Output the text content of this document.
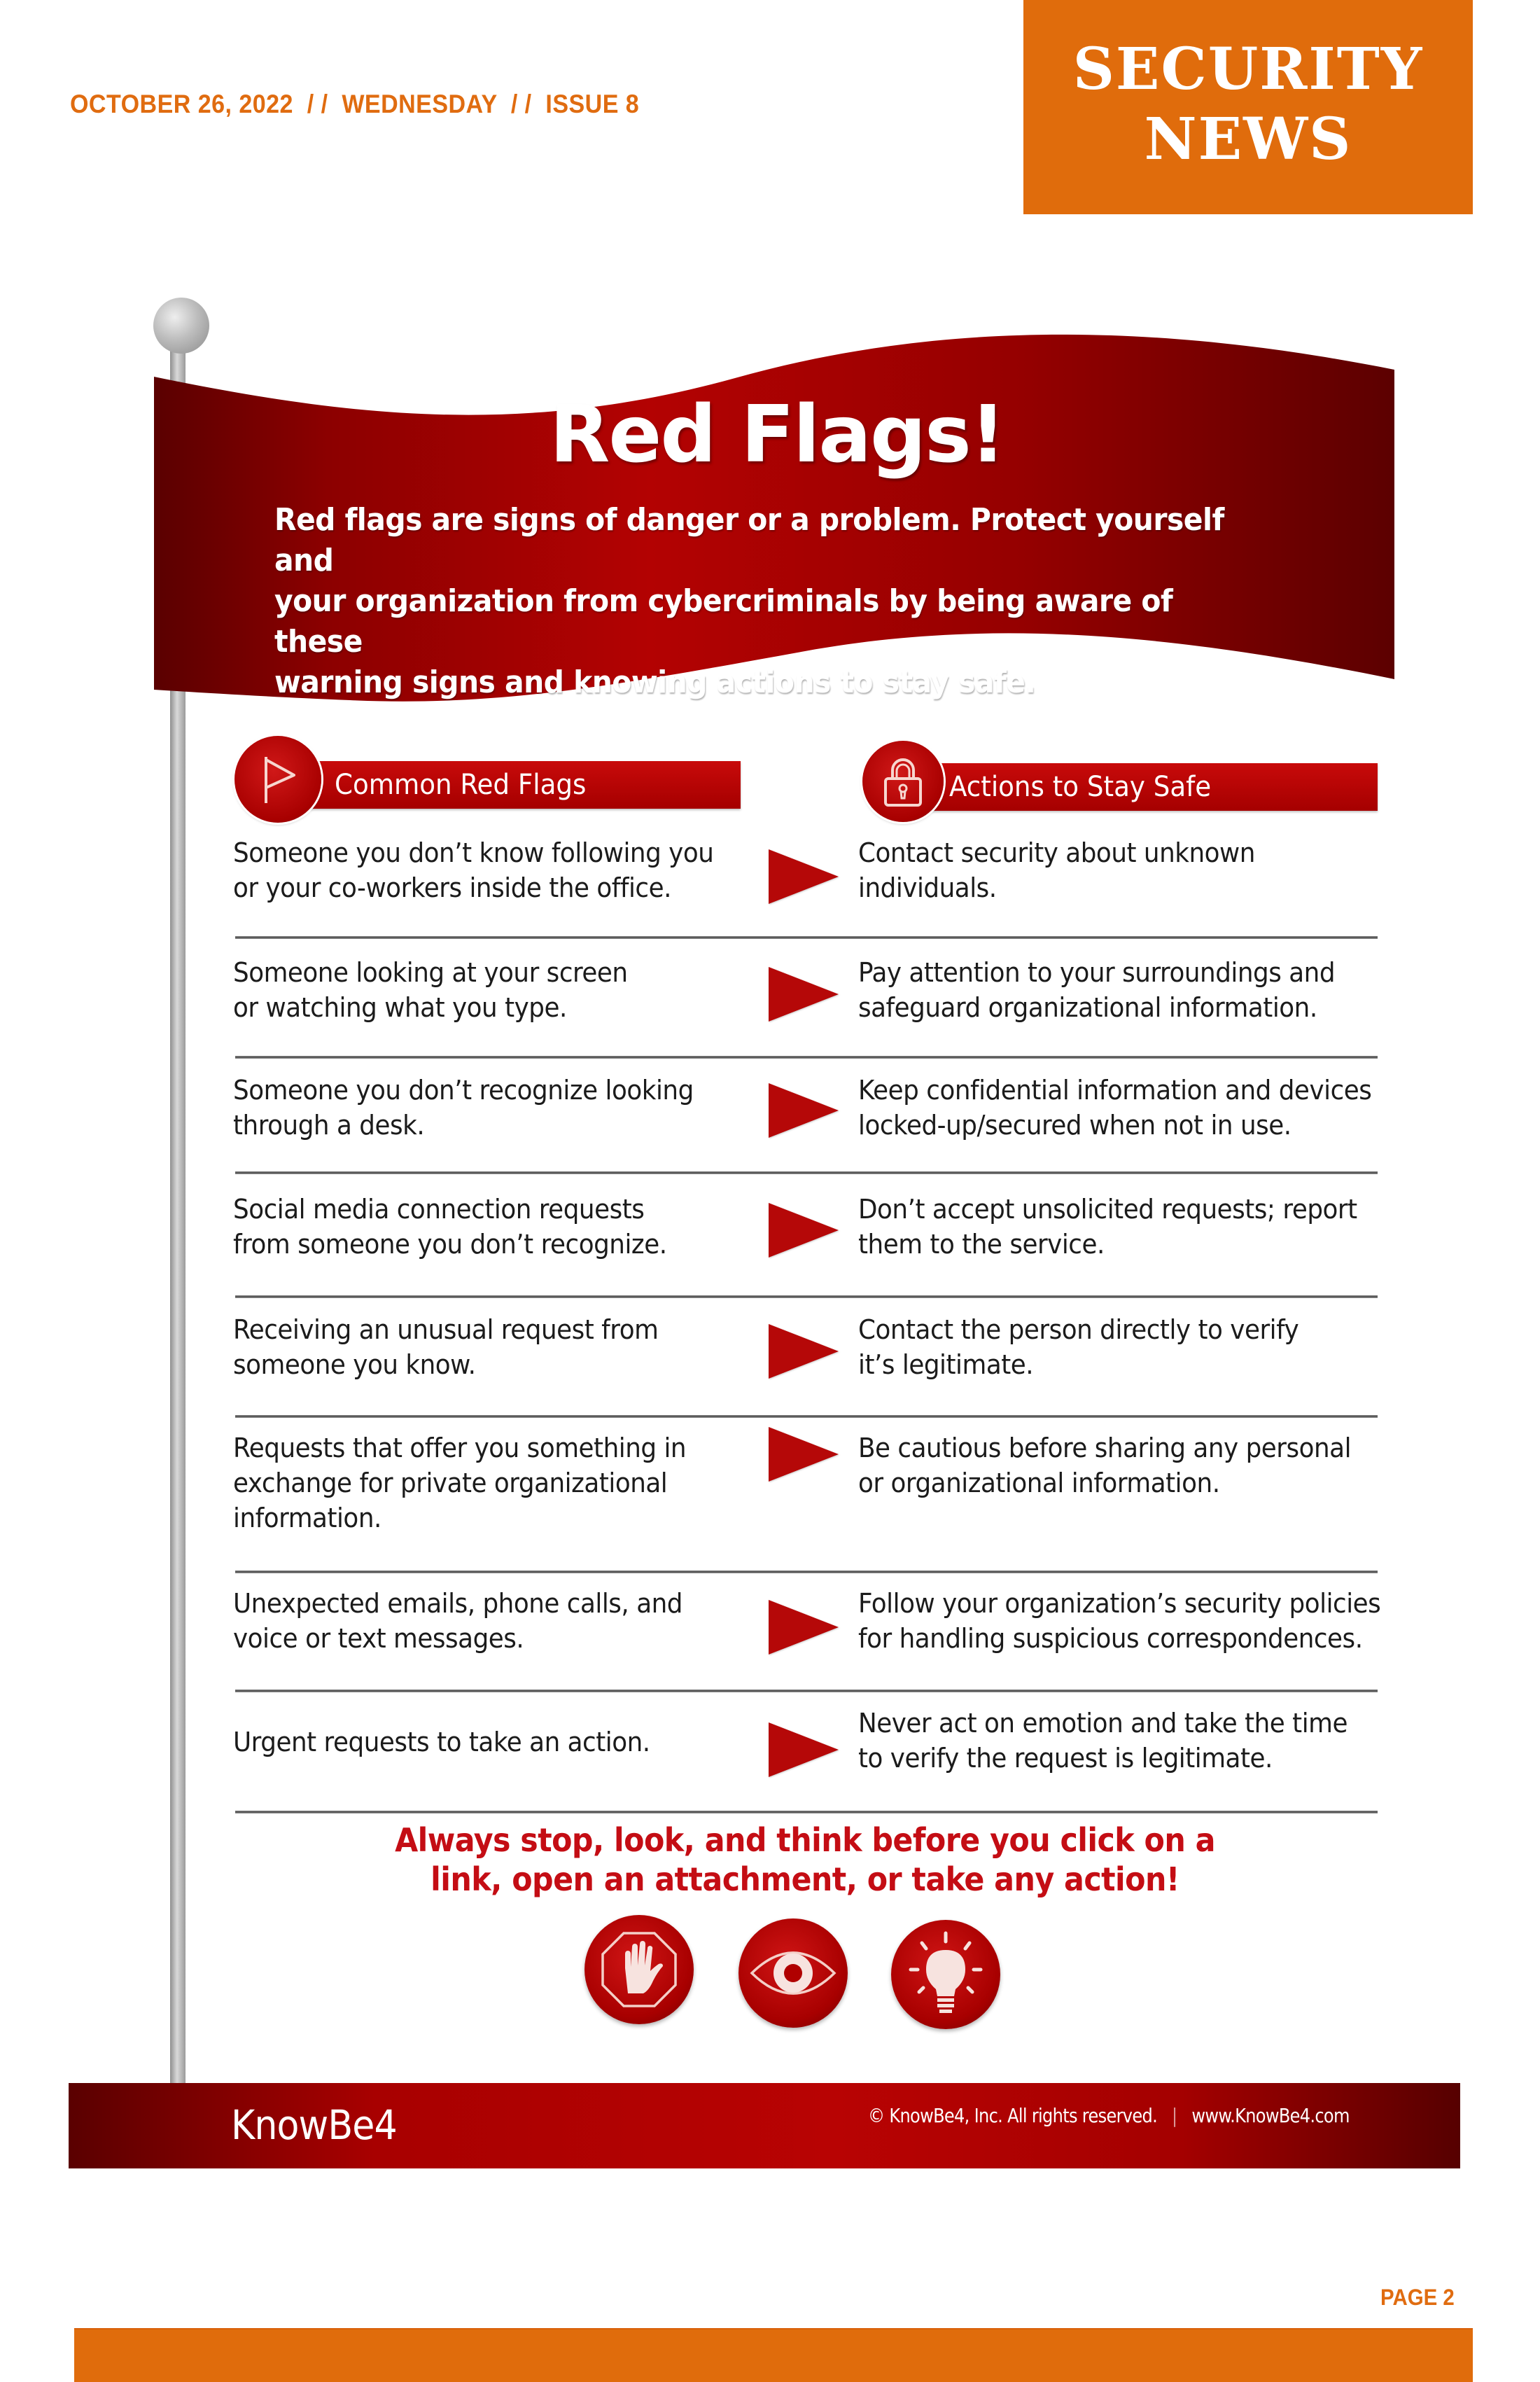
OCTOBER 26, 2022  / /  WEDNESDAY  / /  ISSUE 8
SECURITY
NEWS
Red Flags!
Red flags are signs of danger or a problem. Protect yourself and
your organization from cybercriminals by being aware of these
warning signs and knowing actions to stay safe.
Common Red Flags	Actions to Stay Safe
Someone you don’t know following you
or your co-workers inside the office.
Contact security about unknown
individuals.
Someone looking at your screen
or watching what you type.
Pay attention to your surroundings and
safeguard organizational information.
Someone you don’t recognize looking
through a desk.
Keep confidential information and devices
locked-up/secured when not in use.
Social media connection requests
from someone you don’t recognize.
Don’t accept unsolicited requests; report
them to the service.
Receiving an unusual request from
someone you know.
Contact the person directly to verify
it’s legitimate.
Requests that offer you something in
exchange for private organizational
information.
Be cautious before sharing any personal
or organizational information.
Unexpected emails, phone calls, and
voice or text messages.
Follow your organization’s security policies
for handling suspicious correspondences.
Urgent requests to take an action.
Never act on emotion and take the time
to verify the request is legitimate.
Always stop, look, and think before you click on a
link, open an attachment, or take any action!
KnowBe4	© KnowBe4, Inc. All rights reserved. | www.KnowBe4.com
PAGE 2
